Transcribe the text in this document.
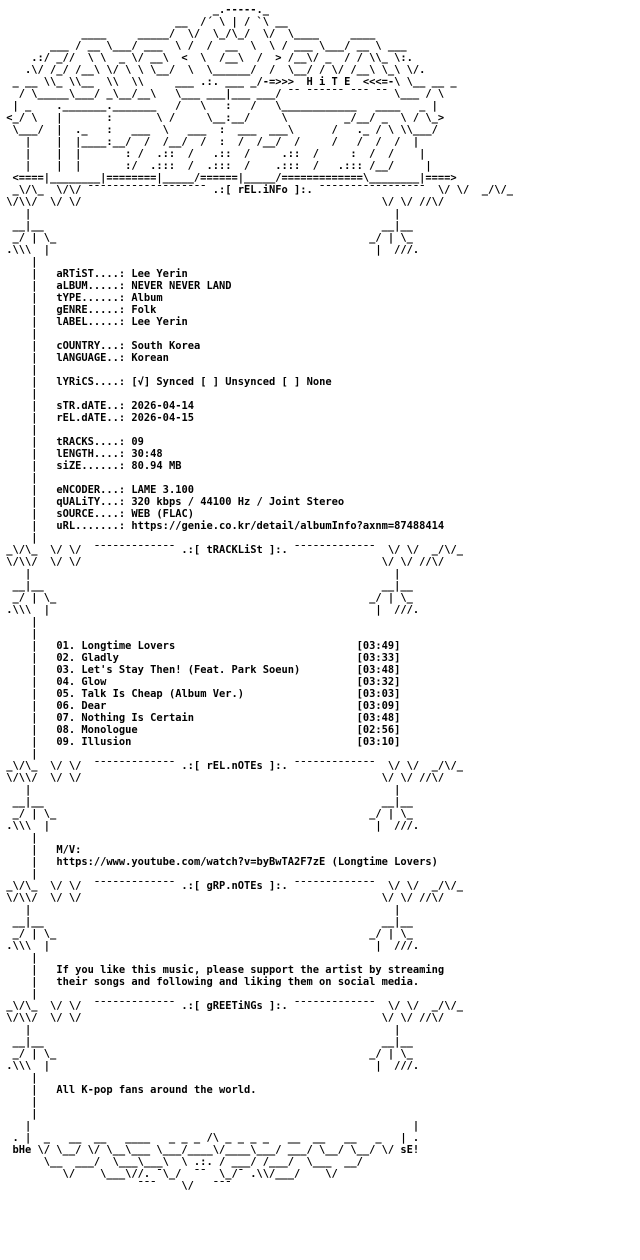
_.-----._
__  /´ \ | / `\ __
____     _____/  \/  \_/\_/  \/  \____     ____
___ / __ \___/ ___  \ /  /  __  \  \ / ___ \___/ __ \ ___
.:/ _//  \ \  _ \/ __\  <  \  /__\  /  > /__\/ _  / / \\_ \:.
.\/ /_/ /__\ \/ \ \ \__/  \  \______/  /  \__/ / \/ /__\ \_\ \/.
_ __ \\_ \\__  \\  \\     ___ .:. ___ _/-=>>>  H i T E  <<<=-\ \__ __ _
/ \_____\___/ _\__/__\   \___ ___|___ ___/ ¯¯ ¯¯¯¯¯¯ ¯¯¯ ¯¯ \___ / \
| _    ._______._______   /   \   :   /   \____________   ____   _ |
<_/ \   |       :       \ /     \__:__/     \         _/__/ _  \ / \_>
\___/  |  ._   :   ___  \   ___  :  ___  ___\      /   ._ / \ \\___/
|    |  |____:__/  /  /__/  /  :  /  /__/  /     /   /  /  /  |
|    |  |       : /  .::  /   .::  /     .::  /     :  /  /    |
|    |  |       :/  .:::  /  .:::  /    .:::  /   .::: /__/     |
<====|________|========|_____/======|_____/=============\________|====>
_\/\_  \/\/ ¯¯¯¯¯¯¯¯¯¯¯¯¯¯¯¯¯¯¯ .:[ rEL.iNFo ]:. ¯¯¯¯¯¯¯¯¯¯¯¯¯¯¯¯¯  \/ \/  _/\/_
\/\\/  \/ \/                                                \/ \/ //\/
|                                                          |
__|__                                                      __|__
_/ | \_                                                  _/ | \_
.\\\  |                                                    |  ///.
|
|   aRTiST....: Lee Yerin
|   aLBUM.....: NEVER NEVER LAND
|   tYPE......: Album
|   gENRE.....: Folk
|   lABEL.....: Lee Yerin
|
|   cOUNTRY...: South Korea
|   lANGUAGE..: Korean
|
|   lYRiCS....: [√] Synced [ ] Unsynced [ ] None
|
|   sTR.dATE..: 2026-04-14
|   rEL.dATE..: 2026-04-15
|
|   tRACKS....: 09
|   lENGTH....: 30:48
|   siZE......: 80.94 MB
|
|   eNCODER...: LAME 3.100
|   qUALiTY...: 320 kbps / 44100 Hz / Joint Stereo
|   sOURCE....: WEB (FLAC)
|   uRL.......: https://genie.co.kr/detail/albumInfo?axnm=87488414
|
_\/\_  \/ \/  ¯¯¯¯¯¯¯¯¯¯¯¯¯ .:[ tRACKLiSt ]:. ¯¯¯¯¯¯¯¯¯¯¯¯¯  \/ \/  _/\/_
\/\\/  \/ \/                                                \/ \/ //\/
|                                                          |
__|__                                                      __|__
_/ | \_                                                  _/ | \_
.\\\  |                                                    |  ///.
|
|
|   01. Longtime Lovers	[03:49]
|   02. Gladly	[03:33]
|   03. Let's Stay Then! (Feat. Park Soeun)	[03:48]
|   04. Glow	[03:32]
|   05. Talk Is Cheap (Album Ver.)	[03:03]
|   06. Dear	[03:09]
|   07. Nothing Is Certain	[03:48]
|   08. Monologue	[02:56]
|   09. Illusion	[03:10]
|
_\/\_  \/ \/  ¯¯¯¯¯¯¯¯¯¯¯¯¯ .:[ rEL.nOTEs ]:. ¯¯¯¯¯¯¯¯¯¯¯¯¯  \/ \/  _/\/_
\/\\/  \/ \/                                                \/ \/ //\/
|                                                          |
__|__                                                      __|__
_/ | \_                                                  _/ | \_
.\\\  |                                                    |  ///.
|
|   M/V:
|   https://www.youtube.com/watch?v=byBwTA2F7zE (Longtime Lovers)
|
_\/\_  \/ \/  ¯¯¯¯¯¯¯¯¯¯¯¯¯ .:[ gRP.nOTEs ]:. ¯¯¯¯¯¯¯¯¯¯¯¯¯  \/ \/  _/\/_
\/\\/  \/ \/                                                \/ \/ //\/
|                                                          |
__|__                                                      __|__
_/ | \_                                                  _/ | \_
.\\\  |                                                    |  ///.
|
|   If you like this music, please support the artist by streaming
|   their songs and following and liking them on social media.
|
_\/\_  \/ \/  ¯¯¯¯¯¯¯¯¯¯¯¯¯ .:[ gREETiNGs ]:. ¯¯¯¯¯¯¯¯¯¯¯¯¯  \/ \/  _/\/_
\/\\/  \/ \/                                                \/ \/ //\/
|                                                          |
__|__                                                      __|__
_/ | \_                                                  _/ | \_
.\\\  |                                                    |  ///.
|
|   All K-pop fans around the world.
|
|
|                                                             |
. |  _   __  __   ____   _ _ _ /\ _ _ _ _   __  __   __   _   | .
bHe \/ \__/ \/ \__\___ \___/____\/____\___/ ___/ \__/ \__/ \/ sE!
\__  ___/  \___\___\  \ .:. / ___/ /___/  \___  __/
\/    \___\//. ¯\_/  ¯¯  \_/¯ .\\/___/    \/
¯¯¯    \/   ¯¯¯
